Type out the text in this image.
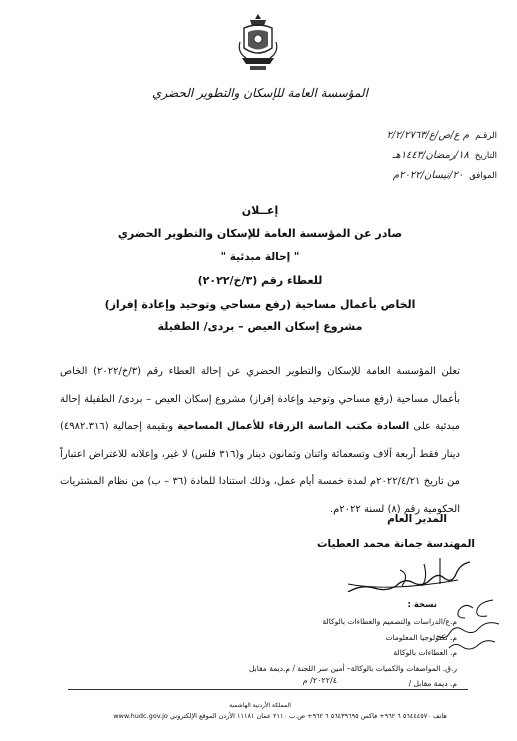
المؤسسة العامة للإسكان والتطوير الحضري
الرقـم
م ع/ص/ع/٢/٢/٢٧٦٣
التاريخ
١٨/رمضان/١٤٤٣هـ
الموافق
٢٠/نيسان/٢٠٢٢م
إعــلان
صادر عن المؤسسة العامة للإسكان والتطوير الحضري
" إحالة مبدئية "
للعطاء رقم (٣/خ/٢٠٢٢)
الخاص بأعمال مساحية (رفع مساحي وتوحيد وإعادة إفراز)
مشروع إسكان العيص – بردى/ الطفيلة
تعلن المؤسسة العامة للإسكان والتطوير الحضري عن إحالة العطاء رقم (٣/خ/٢٠٢٢) الخاص بأعمال مساحية (رفع مساحي وتوحيد وإعادة إفراز) مشروع إسكان العيص – بردى/ الطفيلة إحالة مبدئية على السادة مكتب الماسة الزرقاء للأعمال المساحية وبقيمة إجمالية (٤٩٨٢.٣١٦) دينار فقط أربعة آلاف وتسعمائة واثنان وثمانون دينار و(٣١٦ فلس) لا غير، وإعلانه للاعتراض اعتباراً من تاريخ ٢٠٢٢/٤/٢١م لمدة خمسة أيام عمل، وذلك استنادا للمادة (٣٦ – ب) من نظام المشتريات الحكومية رقم (٨) لسنة ٢٠٢٢م.
المدير العام
المهندسة جمانة محمد العطيات
نسخة :
م.ع/الدراسات والتصميم والعطاءات بالوكالة
م. تكنولوجيا المعلومات
م. العطاءات بالوكالة
ر.ق. المواصفات والكميات بالوكالة– أمين سر اللجنة / م.ديمة مقابل
م. ديمة مقابل /
٢٠٢٢/٤/ م
المملكة الأردنية الهاشمية
هاتف ٥٦٤٤٤٥٧٠ ٦ ٩٦٢+ فاكس ٥٦٤٣٩٦٩٥ ٦ ٩٦٢+ ص.ب ٢١١٠ عمان ١١١٨١ الأردن الموقع الإلكتروني www.hudc.gov.jo
